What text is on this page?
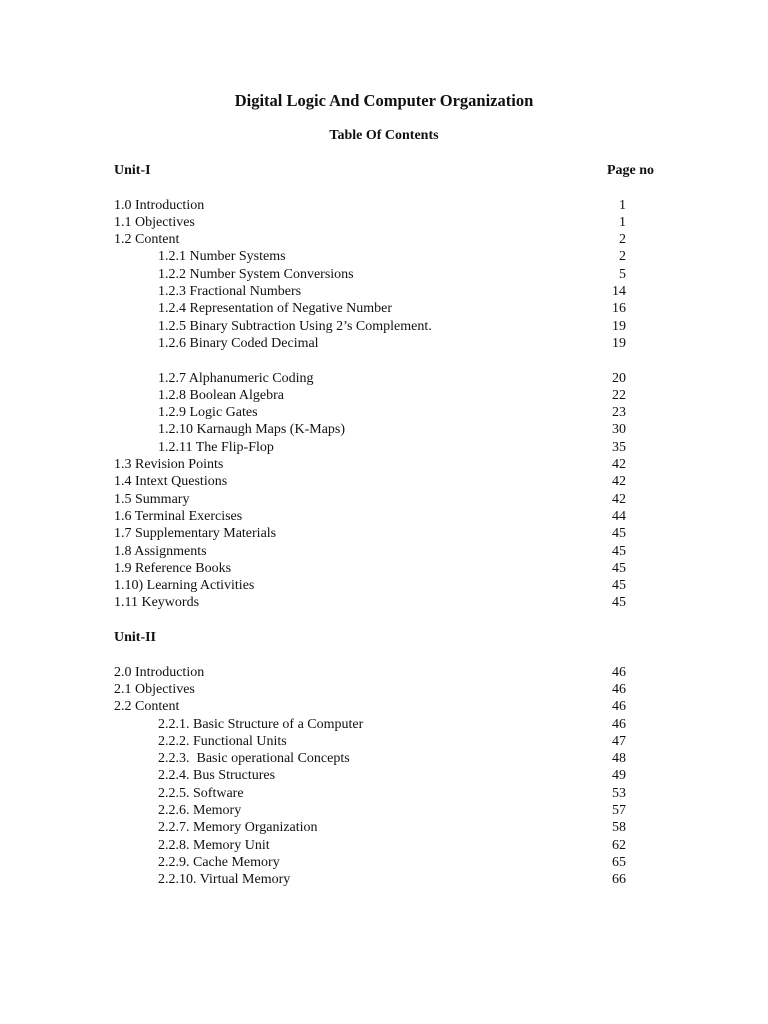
Digital Logic And Computer Organization
Table Of Contents
Unit-I	Page no
1.0 Introduction	1
1.1 Objectives	1
1.2 Content	2
1.2.1 Number Systems	2
1.2.2 Number System Conversions	5
1.2.3 Fractional Numbers	14
1.2.4 Representation of Negative Number	16
1.2.5 Binary Subtraction Using 2’s Complement.	19
1.2.6 Binary Coded Decimal	19
1.2.7 Alphanumeric Coding	20
1.2.8 Boolean Algebra	22
1.2.9 Logic Gates	23
1.2.10 Karnaugh Maps (K-Maps)	30
1.2.11 The Flip-Flop	35
1.3 Revision Points	42
1.4 Intext Questions	42
1.5 Summary	42
1.6 Terminal Exercises	44
1.7 Supplementary Materials	45
1.8 Assignments	45
1.9 Reference Books	45
1.10) Learning Activities	45
1.11 Keywords	45
Unit-II
2.0 Introduction	46
2.1 Objectives	46
2.2 Content	46
2.2.1. Basic Structure of a Computer	46
2.2.2. Functional Units	47
2.2.3.  Basic operational Concepts	48
2.2.4. Bus Structures	49
2.2.5. Software	53
2.2.6. Memory	57
2.2.7. Memory Organization	58
2.2.8. Memory Unit	62
2.2.9. Cache Memory	65
2.2.10. Virtual Memory	66
